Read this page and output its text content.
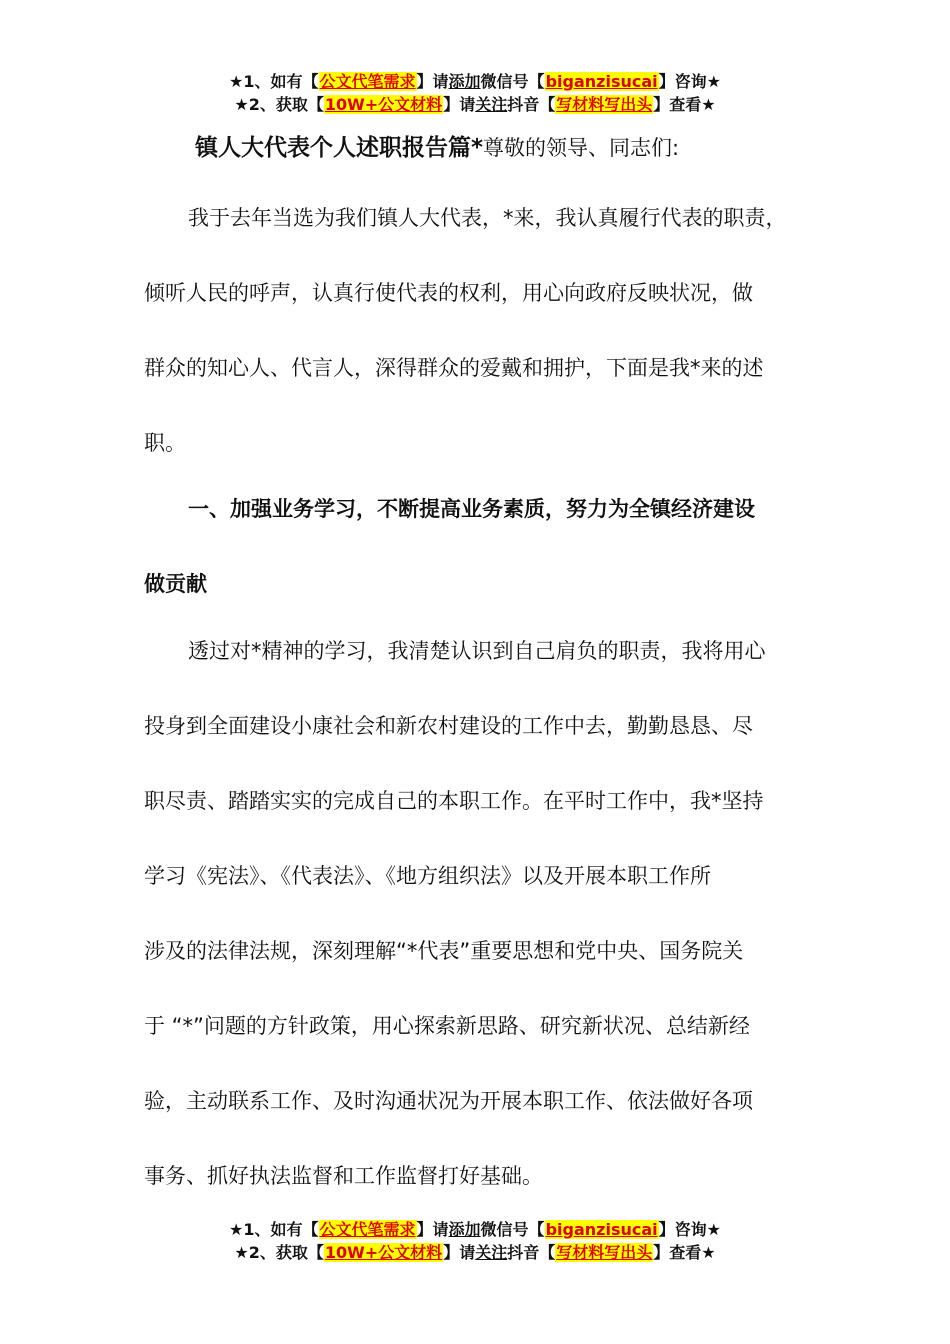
★1、如有【公文代笔需求】请添加微信号【biganzisucai】咨询★
★2、获取【10W+公文材料】请关注抖音【写材料写出头】查看★
镇人大代表个人述职报告篇*尊敬的领导、同志们:
我于去年当选为我们镇人大代表，*来，我认真履行代表的职责，
倾听人民的呼声，认真行使代表的权利，用心向政府反映状况，做
群众的知心人、代言人，深得群众的爱戴和拥护，下面是我*来的述
职。
一、加强业务学习，不断提高业务素质，努力为全镇经济建设
做贡献
透过对*精神的学习，我清楚认识到自己肩负的职责，我将用心
投身到全面建设小康社会和新农村建设的工作中去，勤勤恳恳、尽
职尽责、踏踏实实的完成自己的本职工作。在平时工作中，我*坚持
学习《宪法》、《代表法》、《地方组织法》以及开展本职工作所
涉及的法律法规，深刻理解“*代表”重要思想和党中央、国务院关
于 “*”问题的方针政策，用心探索新思路、研究新状况、总结新经
验，主动联系工作、及时沟通状况为开展本职工作、依法做好各项
事务、抓好执法监督和工作监督打好基础。
★1、如有【公文代笔需求】请添加微信号【biganzisucai】咨询★
★2、获取【10W+公文材料】请关注抖音【写材料写出头】查看★
